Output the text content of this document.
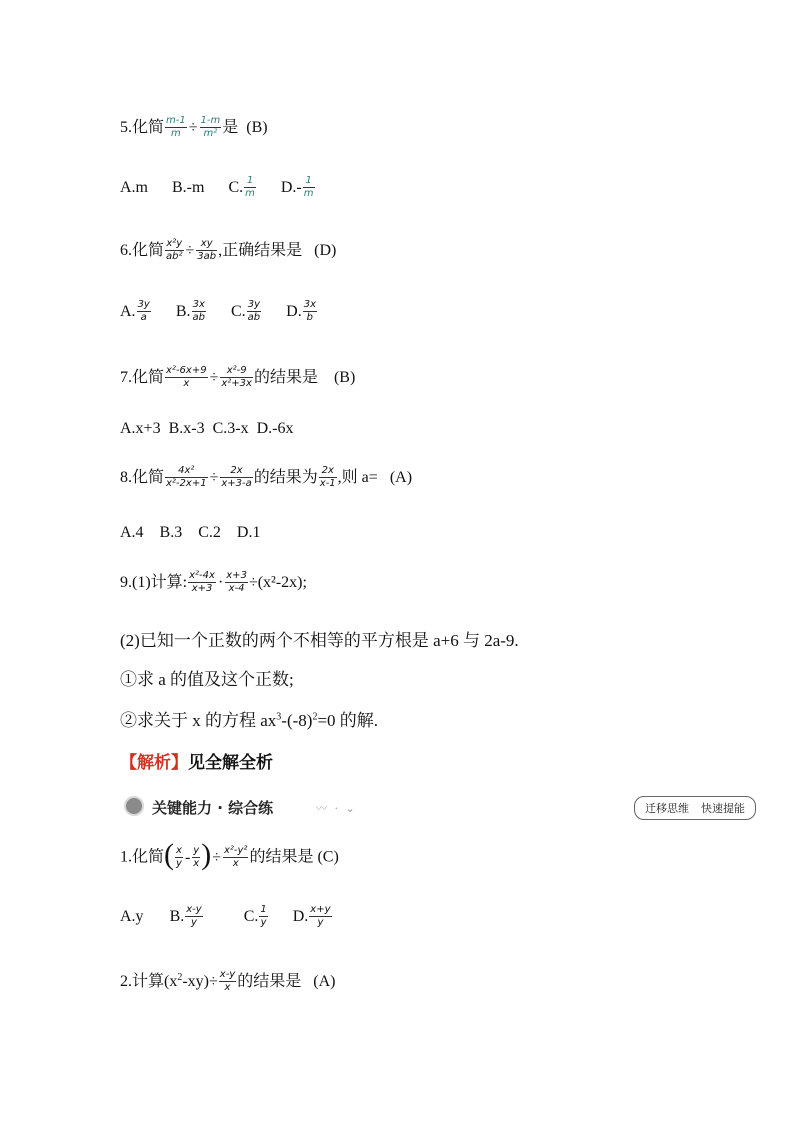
5.化简 $\frac{m-1}{m} \div \frac{1-m}{\text{m²}}$ 是 (B)
A.m B.-m C. $\frac{1}{m} D.- \frac{1}{m}$
6.化简 $\frac{\text{x²y}}{\text{ab²}} \div \frac{xy}{3ab}$ ,正确结果是 (D)
A. $\frac{3y}{a} B$. $\frac{3x}{ab} C$. $\frac{3y}{ab} D$. $\frac{3x}{b}$
7.化简 $\frac{\text{x²-6x+9}}{x} \div \frac{\text{x²-9}}{\text{x²+3x}}$ 的结果是 (B)
A.x+3  B.x-3  C.3-x  D.-6x
8.化简 $\frac{\text{4x²}}{\text{x²-2x+1}} \div \frac{2x}{x+3-a}$ 的结果为 $\frac{2x}{x-1}$ ,则 a= (A)
A.4    B.3    C.2    D.1
9.(1)计算: $\frac{\text{x²-4x}}{x+3} \cdot \frac{x+3}{x-4} \div(x^2-2x)$;
(2)已知一个正数的两个不相等的平方根是 a+6 与 2a-9.
①求 a 的值及这个正数;
②求关于 x 的方程 $ax^3-(-8)^2=0$ 的解.
【解析】见全解全析
关键能力 · 综合练	〰 · ⌄	迁移思维 快速提能
1.化简( $\frac{x}{y} - \frac{y}{x}$ )÷ $\frac{\text{x²-y²}}{x}$ 的结果是 (C)
A.y B. $\frac{x-y}{y}$	C. $\frac{1}{y} D$. $\frac{x+y}{y}$
2.计算$(x^2-xy)\div \frac{x-y}{x}$ 的结果是 (A)
